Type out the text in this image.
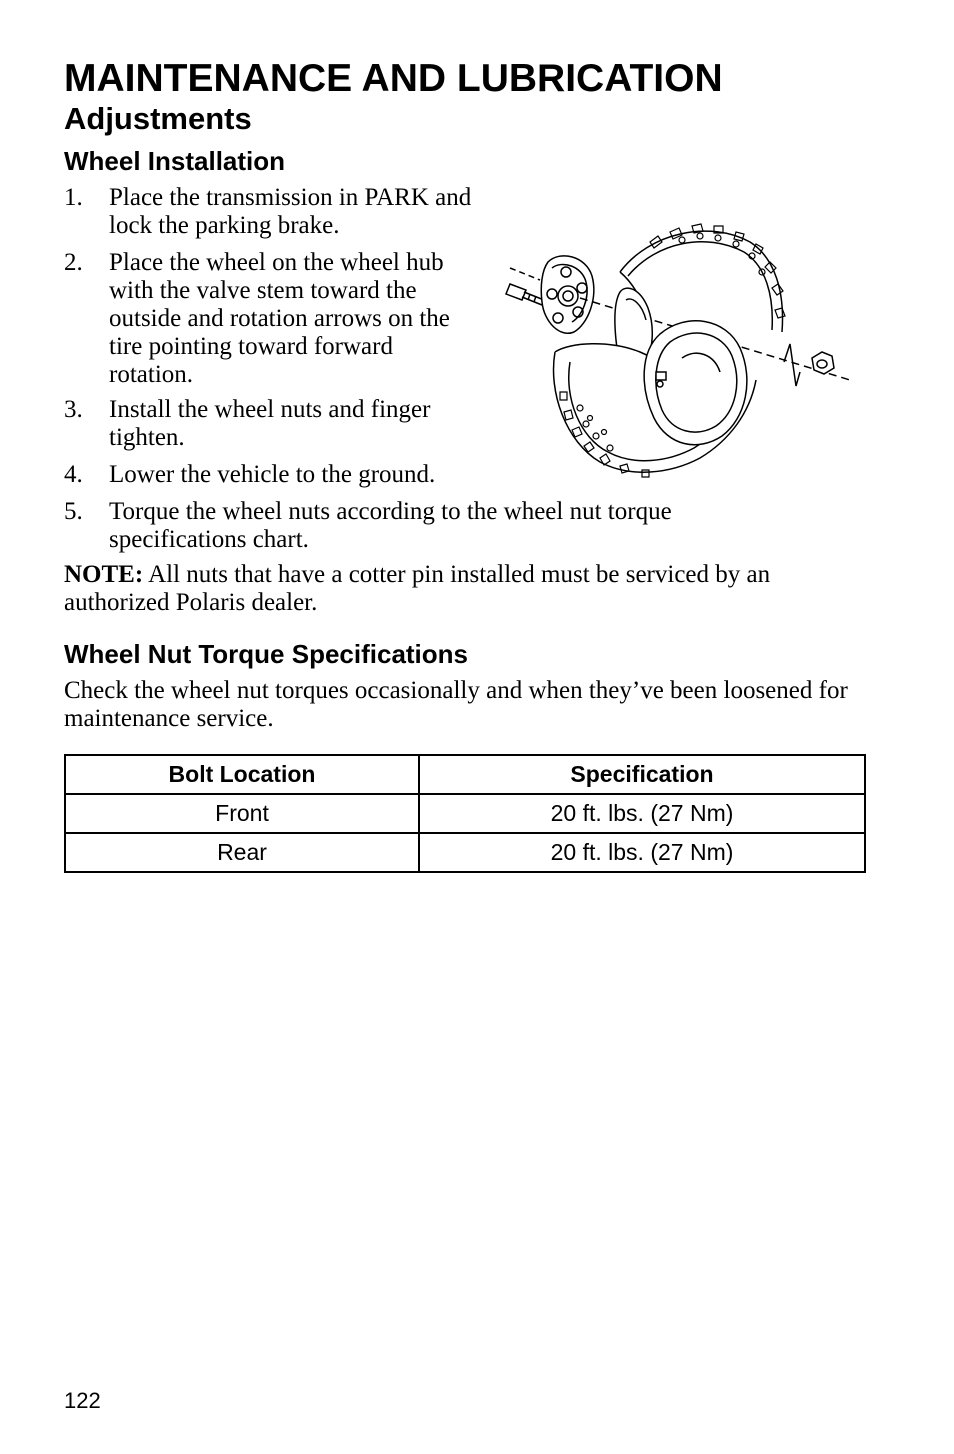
MAINTENANCE AND LUBRICATION
Adjustments
Wheel Installation
1. Place the transmission in PARK and lock the parking brake.
2. Place the wheel on the wheel hub with the valve stem toward the outside and rotation arrows on the tire pointing toward forward rotation.
3. Install the wheel nuts and finger tighten.
4. Lower the vehicle to the ground.
5. Torque the wheel nuts according to the wheel nut torque specifications chart.

NOTE: All nuts that have a cotter pin installed must be serviced by an authorized Polaris dealer.

Wheel Nut Torque Specifications

Check the wheel nut torques occasionally and when they’ve been loosened for maintenance service.

Bolt Location	Specification
Front	20 ft. lbs. (27 Nm)
Rear	20 ft. lbs. (27 Nm)

122
